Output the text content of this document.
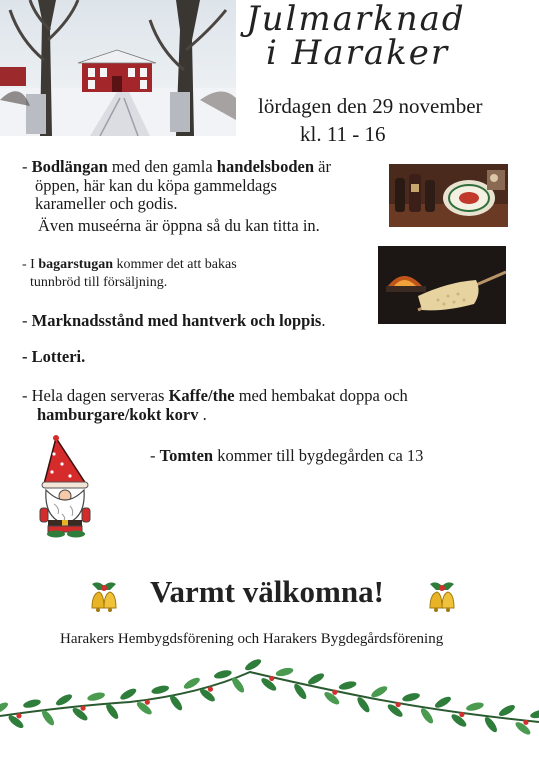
Julmarknad
i Haraker
lördagen den 29 november
kl. 11 - 16
- Bodlängan med den gamla handelsboden är
öppen, här kan du köpa gammeldags
karameller och godis.
Även museérna är öppna så du kan titta in.
- I bagarstugan kommer det att bakas
tunnbröd till försäljning.
- Marknadsstånd med hantverk och loppis.
- Lotteri.
- Hela dagen serveras Kaffe/the med hembakat doppa och
hamburgare/kokt korv .
- Tomten kommer till bygdegården ca 13
Varmt välkomna!
Harakers Hembygdsförening och Harakers Bygdegårdsförening
